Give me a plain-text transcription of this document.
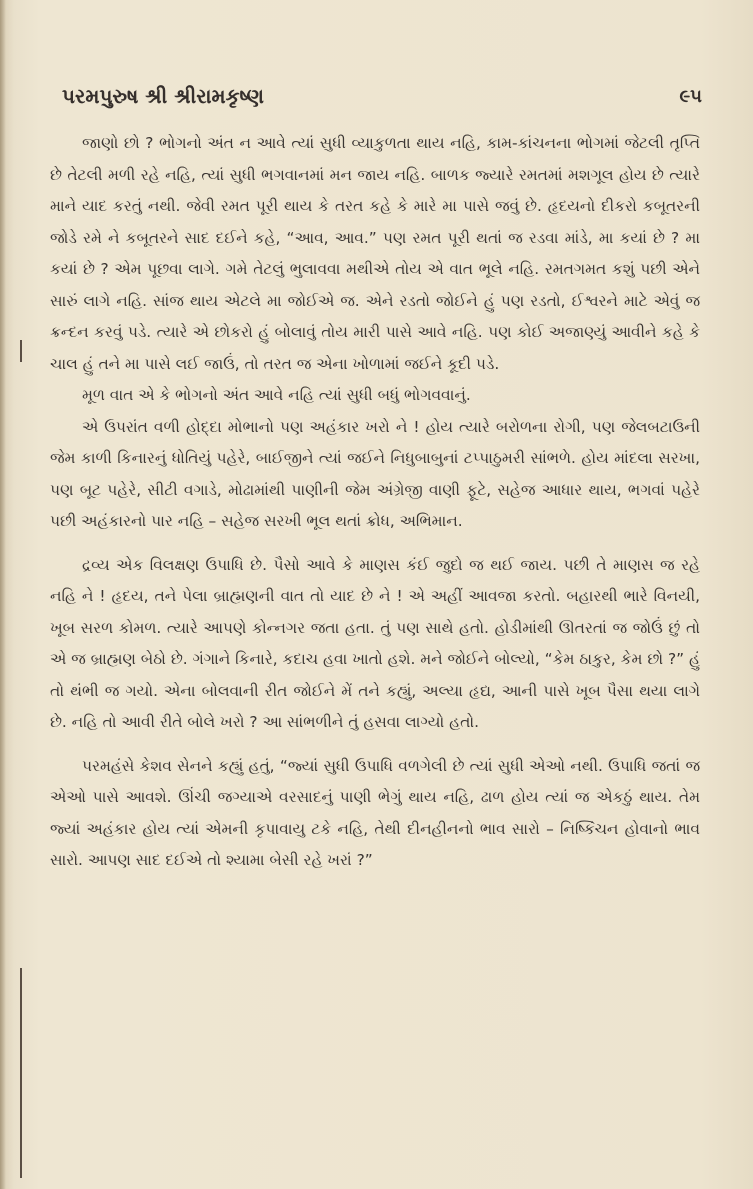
પરમપુરુષ શ્રી શ્રીરામકૃષ્ણ	૯૫

જાણો છો ? ભોગનો અંત ન આવે ત્યાં સુધી વ્યાકુળતા થાય નહિ, કામ-કાંચનના ભોગમાં જેટલી તૃપ્તિ છે તેટલી મળી રહે નહિ, ત્યાં સુધી ભગવાનમાં મન જાય નહિ. બાળક જ્યારે રમતમાં મશગૂલ હોય છે ત્યારે માને યાદ કરતું નથી. જેવી રમત પૂરી થાય કે તરત કહે કે મારે મા પાસે જવું છે. હૃદયનો દીકરો કબૂતરની જોડે રમે ને કબૂતરને સાદ દઈને કહે, “આવ, આવ.” પણ રમત પૂરી થતાં જ રડવા માંડે, મા કયાં છે ? મા કયાં છે ? એમ પૂછવા લાગે. ગમે તેટલું ભુલાવવા મથીએ તોય એ વાત ભૂલે નહિ. રમતગમત કશું પછી એને સારું લાગે નહિ. સાંજ થાય એટલે મા જોઈએ જ. એને રડતો જોઈને હું પણ રડતો, ઈશ્વરને માટે એવું જ ક્રન્દન કરવું પડે. ત્યારે એ છોકરો હું બોલાવું તોય મારી પાસે આવે નહિ. પણ કોઈ અજાણ્યું આવીને કહે કે ચાલ હું તને મા પાસે લઈ જાઉં, તો તરત જ એના ખોળામાં જઈને કૂદી પડે.

મૂળ વાત એ કે ભોગનો અંત આવે નહિ ત્યાં સુધી બધું ભોગવવાનું.

એ ઉપરાંત વળી હોદ્દા મોભાનો પણ અહંકાર ખરો ને ! હોય ત્યારે બરોળના રોગી, પણ જેલબટાઉની જેમ કાળી કિનારનું ધોતિયું પહેરે, બાઈજીને ત્યાં જઈને નિધુબાબુનાં ટપ્પાઠુમરી સાંભળે. હોય માંદલા સરખા, પણ બૂટ પહેરે, સીટી વગાડે, મોઢામાંથી પાણીની જેમ અંગ્રેજી વાણી ફૂટે, સહેજ આધાર થાય, ભગવાં પહેરે પછી અહંકારનો પાર નહિ – સહેજ સરખી ભૂલ થતાં ક્રોધ, અભિમાન.

દ્રવ્ય એક વિલક્ષણ ઉપાધિ છે. પૈસો આવે કે માણસ કંઈ જુદો જ થઈ જાય. પછી તે માણસ જ રહે નહિ ને ! હૃદય, તને પેલા બ્રાહ્મણની વાત તો યાદ છે ને ! એ અહીં આવજા કરતો. બહારથી ભારે વિનયી, ખૂબ સરળ કોમળ. ત્યારે આપણે કોન્નગર જતા હતા. તું પણ સાથે હતો. હોડીમાંથી ઊતરતાં જ જોઉં છું તો એ જ બ્રાહ્મણ બેઠો છે. ગંગાને કિનારે, કદાચ હવા ખાતો હશે. મને જોઈને બોલ્યો, “કેમ ઠાકુર, કેમ છો ?” હું તો થંભી જ ગયો. એના બોલવાની રીત જોઈને મેં તને કહ્યું, અલ્યા હૃદ્ય, આની પાસે ખૂબ પૈસા થયા લાગે છે. નહિ તો આવી રીતે બોલે ખરો ? આ સાંભળીને તું હસવા લાગ્યો હતો.

પરમહંસે કેશવ સેનને કહ્યું હતું, “જ્યાં સુધી ઉપાધિ વળગેલી છે ત્યાં સુધી એઓ નથી. ઉપાધિ જતાં જ એઓ પાસે આવશે. ઊંચી જગ્યાએ વરસાદનું પાણી ભેગું થાય નહિ, ઢાળ હોય ત્યાં જ એકઠું થાય. તેમ જ્યાં અહંકાર હોય ત્યાં એમની કૃપાવાયુ ટકે નહિ, તેથી દીનહીનનો ભાવ સારો – નિષ્કિંચન હોવાનો ભાવ સારો. આપણ સાદ દઈએ તો શ્યામા બેસી રહે ખરાં ?”
